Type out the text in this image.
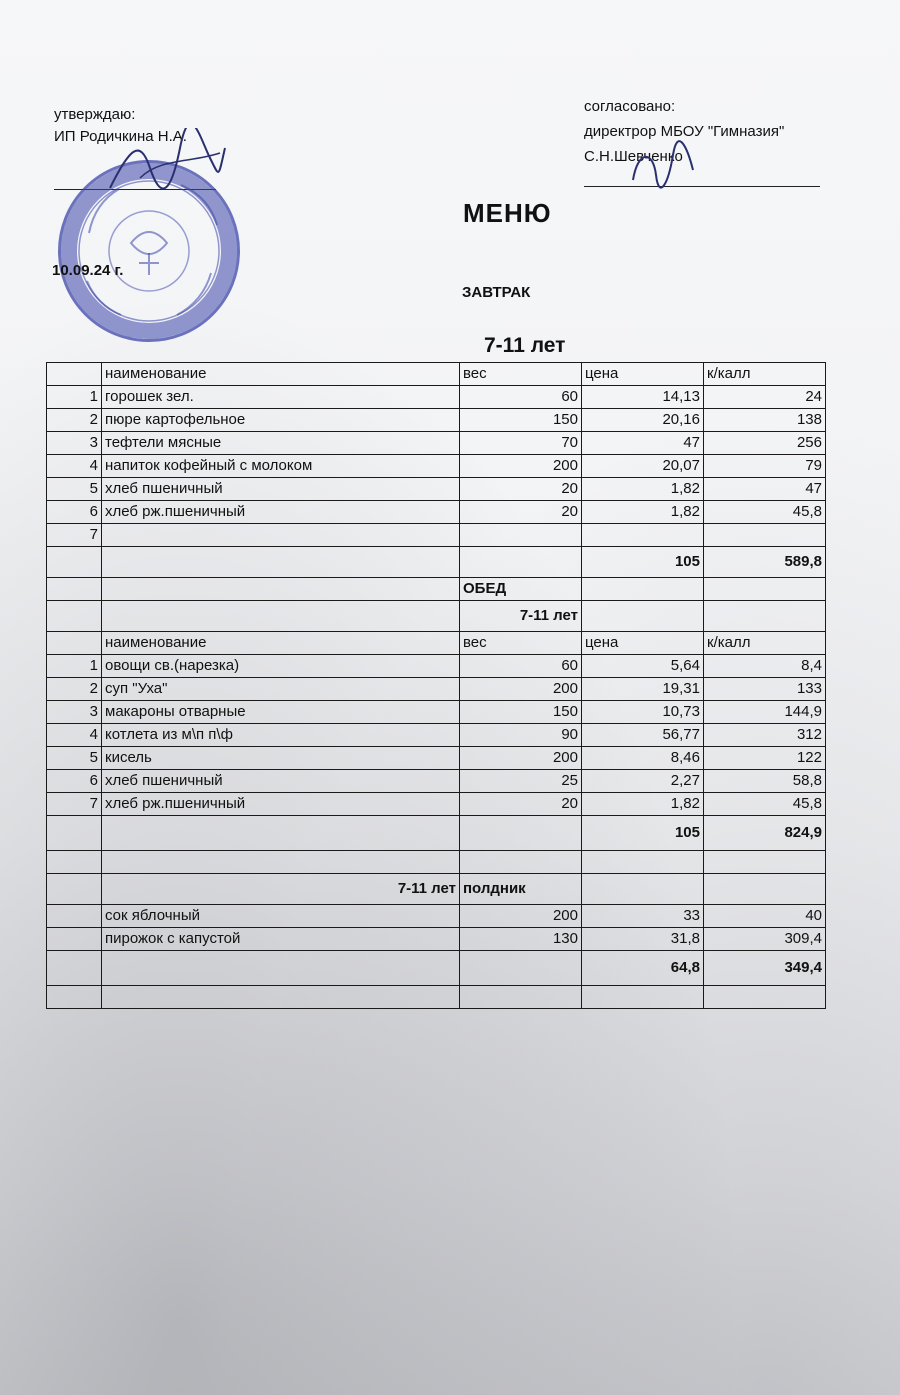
утверждаю:
ИП Родичкина Н.А.
согласовано:
директрор МБОУ "Гимназия"
С.Н.Шевченко
МЕНЮ
10.09.24 г.
ЗАВТРАК
7-11 лет
	наименование	вес	цена	к/калл
1	горошек зел.	60	14,13	24
2	пюре картофельное	150	20,16	138
3	тефтели мясные	70	47	256
4	напиток кофейный с молоком	200	20,07	79
5	хлеб пшеничный	20	1,82	47
6	хлеб рж.пшеничный	20	1,82	45,8
7				
			105	589,8
		ОБЕД		
		7-11 лет		
	наименование	вес	цена	к/калл
1	овощи св.(нарезка)	60	5,64	8,4
2	суп "Уха"	200	19,31	133
3	макароны отварные	150	10,73	144,9
4	котлета из м\п п\ф	90	56,77	312
5	кисель	200	8,46	122
6	хлеб пшеничный	25	2,27	58,8
7	хлеб рж.пшеничный	20	1,82	45,8
			105	824,9

	7-11 лет	полдник		
	сок яблочный	200	33	40
	пирожок с капустой	130	31,8	309,4
			64,8	349,4
